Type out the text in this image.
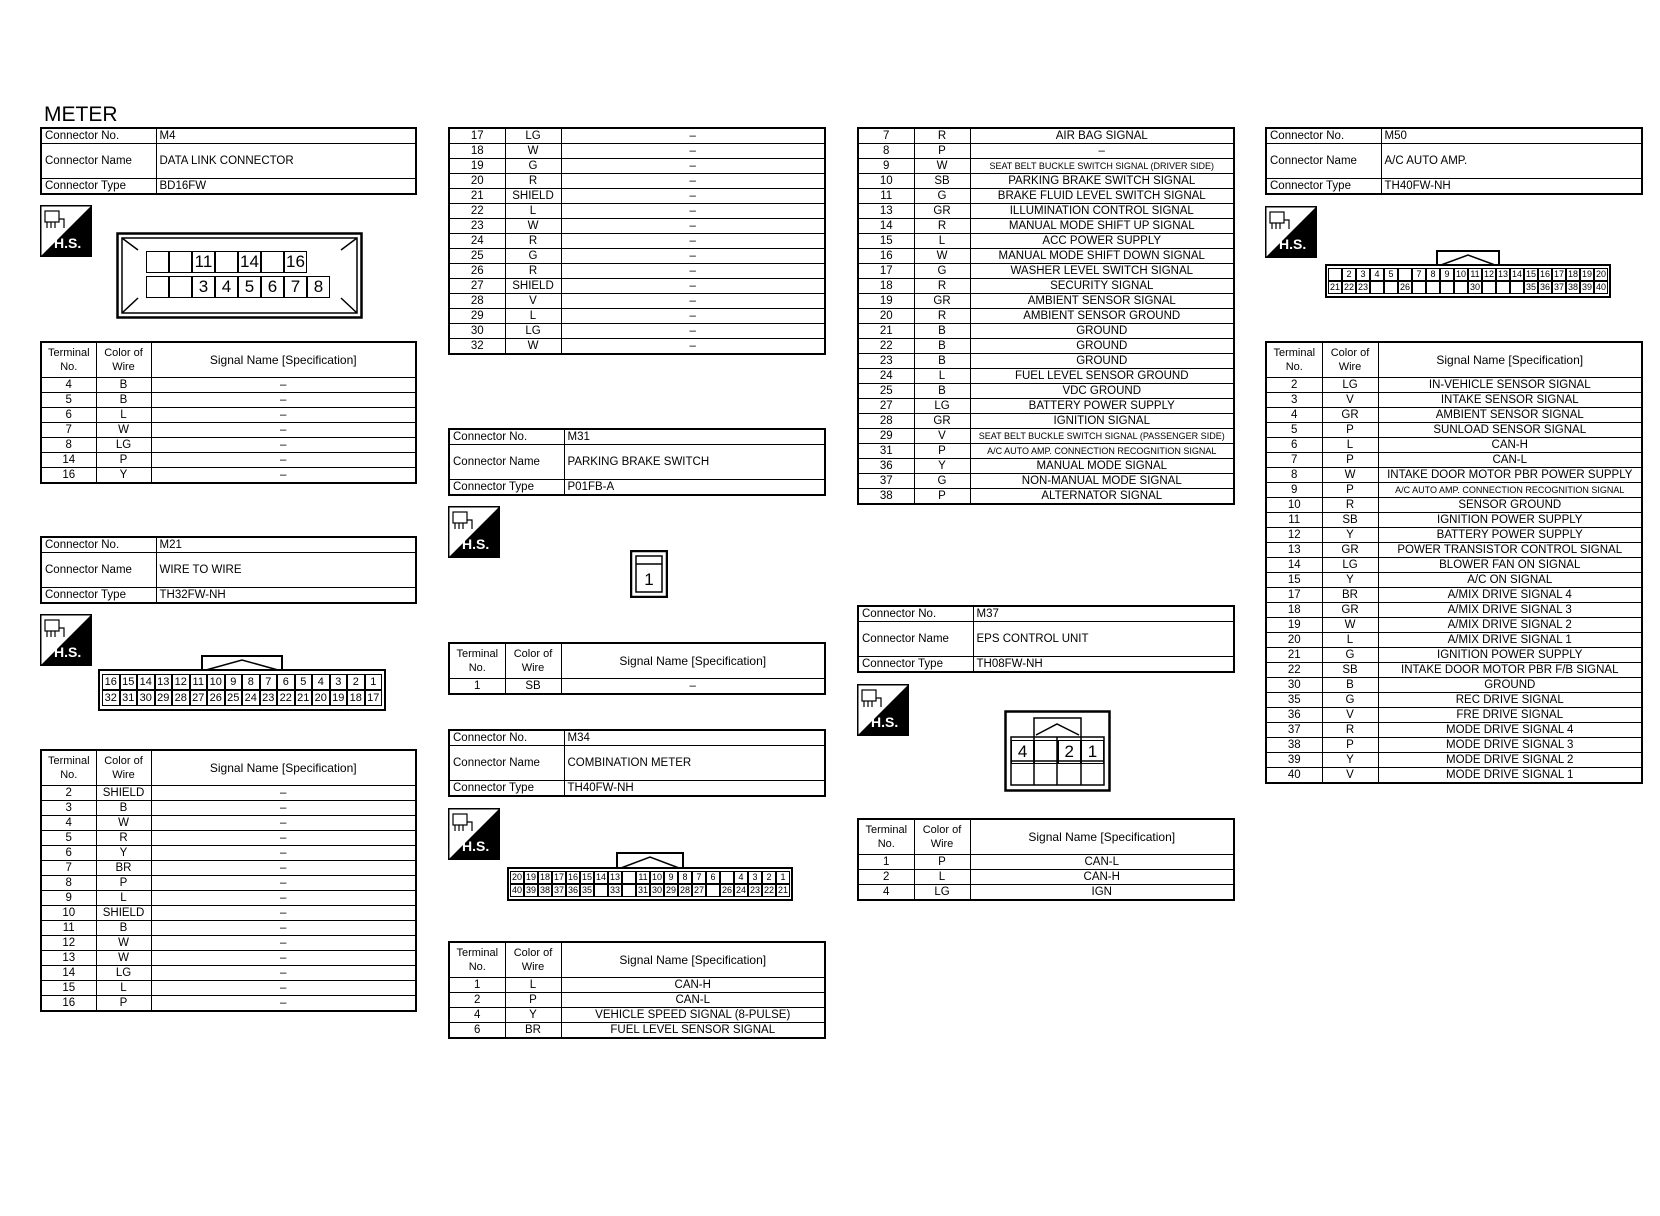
METER
Connector No.	M4
Connector Name	DATA LINK CONNECTOR
Connector Type	BD16FW
H.S.
11 14 16
3 4 5 6 7 8
Terminal No.	Color of Wire	Signal Name [Specification]
4	B	–
5	B	–
6	L	–
7	W	–
8	LG	–
14	P	–
16	Y	–
Connector No.	M21
Connector Name	WIRE TO WIRE
Connector Type	TH32FW-NH
H.S.
16 15 14 13 12 11 10 9	8	7	6	5	4	3	2	1
32 31 30 29 28 27 26 25 24 23 22 21 20 19 18 17
Terminal No.	Color of Wire	Signal Name [Specification]
2	SHIELD	–
3	B	–
4	W	–
5	R	–
6	Y	–
7	BR	–
8	P	–
9	L	–
10	SHIELD	–
11	B	–
12	W	–
13	W	–
14	LG	–
15	L	–
16	P	–
17	LG	–
18	W	–
19	G	–
20	R	–
21	SHIELD	–
22	L	–
23	W	–
24	R	–
25	G	–
26	R	–
27	SHIELD	–
28	V	–
29	L	–
30	LG	–
32	W	–
Connector No.	M31
Connector Name	PARKING BRAKE SWITCH
Connector Type	P01FB-A
H.S.
1
Terminal No.	Color of Wire	Signal Name [Specification]
1	SB	–
Connector No.	M34
Connector Name	COMBINATION METER
Connector Type	TH40FW-NH
H.S.
20 19 18 17 16 15 14 13 11 10 9 8 7 6	4 3 2 1
40 39 38 37 36 35 33 31 30 29 28 27 26 24 23 22 21
Terminal No.	Color of Wire	Signal Name [Specification]
1	L	CAN-H
2	P	CAN-L
4	Y	VEHICLE SPEED SIGNAL (8-PULSE)
6	BR	FUEL LEVEL SENSOR SIGNAL
7	R	AIR BAG SIGNAL
8	P	–
9	W	SEAT BELT BUCKLE SWITCH SIGNAL (DRIVER SIDE)
10	SB	PARKING BRAKE SWITCH SIGNAL
11	G	BRAKE FLUID LEVEL SWITCH SIGNAL
13	GR	ILLUMINATION CONTROL SIGNAL
14	R	MANUAL MODE SHIFT UP SIGNAL
15	L	ACC POWER SUPPLY
16	W	MANUAL MODE SHIFT DOWN SIGNAL
17	G	WASHER LEVEL SWITCH SIGNAL
18	R	SECURITY SIGNAL
19	GR	AMBIENT SENSOR SIGNAL
20	R	AMBIENT SENSOR GROUND
21	B	GROUND
22	B	GROUND
23	B	GROUND
24	L	FUEL LEVEL SENSOR GROUND
25	B	VDC GROUND
27	LG	BATTERY POWER SUPPLY
28	GR	IGNITION SIGNAL
29	V	SEAT BELT BUCKLE SWITCH SIGNAL (PASSENGER SIDE)
31	P	A/C AUTO AMP. CONNECTION RECOGNITION SIGNAL
36	Y	MANUAL MODE SIGNAL
37	G	NON-MANUAL MODE SIGNAL
38	P	ALTERNATOR SIGNAL
Connector No.	M37
Connector Name	EPS CONTROL UNIT
Connector Type	TH08FW-NH
H.S.
4	2 1
Terminal No.	Color of Wire	Signal Name [Specification]
1	P	CAN-L
2	L	CAN-H
4	LG	IGN
Connector No.	M50
Connector Name	A/C AUTO AMP.
Connector Type	TH40FW-NH
H.S.
2 3 4 5	7 8 9 10 11 12 13 14 15 16 17 18 19 20
21 22 23	26	30	35 36 37 38 39 40
Terminal No.	Color of Wire	Signal Name [Specification]
2	LG	IN-VEHICLE SENSOR SIGNAL
3	V	INTAKE SENSOR SIGNAL
4	GR	AMBIENT SENSOR SIGNAL
5	P	SUNLOAD SENSOR SIGNAL
6	L	CAN-H
7	P	CAN-L
8	W	INTAKE DOOR MOTOR PBR POWER SUPPLY
9	P	A/C AUTO AMP. CONNECTION RECOGNITION SIGNAL
10	R	SENSOR GROUND
11	SB	IGNITION POWER SUPPLY
12	Y	BATTERY POWER SUPPLY
13	GR	POWER TRANSISTOR CONTROL SIGNAL
14	LG	BLOWER FAN ON SIGNAL
15	Y	A/C ON SIGNAL
17	BR	A/MIX DRIVE SIGNAL 4
18	GR	A/MIX DRIVE SIGNAL 3
19	W	A/MIX DRIVE SIGNAL 2
20	L	A/MIX DRIVE SIGNAL 1
21	G	IGNITION POWER SUPPLY
22	SB	INTAKE DOOR MOTOR PBR F/B SIGNAL
30	B	GROUND
35	G	REC DRIVE SIGNAL
36	V	FRE DRIVE SIGNAL
37	R	MODE DRIVE SIGNAL 4
38	P	MODE DRIVE SIGNAL 3
39	Y	MODE DRIVE SIGNAL 2
40	V	MODE DRIVE SIGNAL 1
